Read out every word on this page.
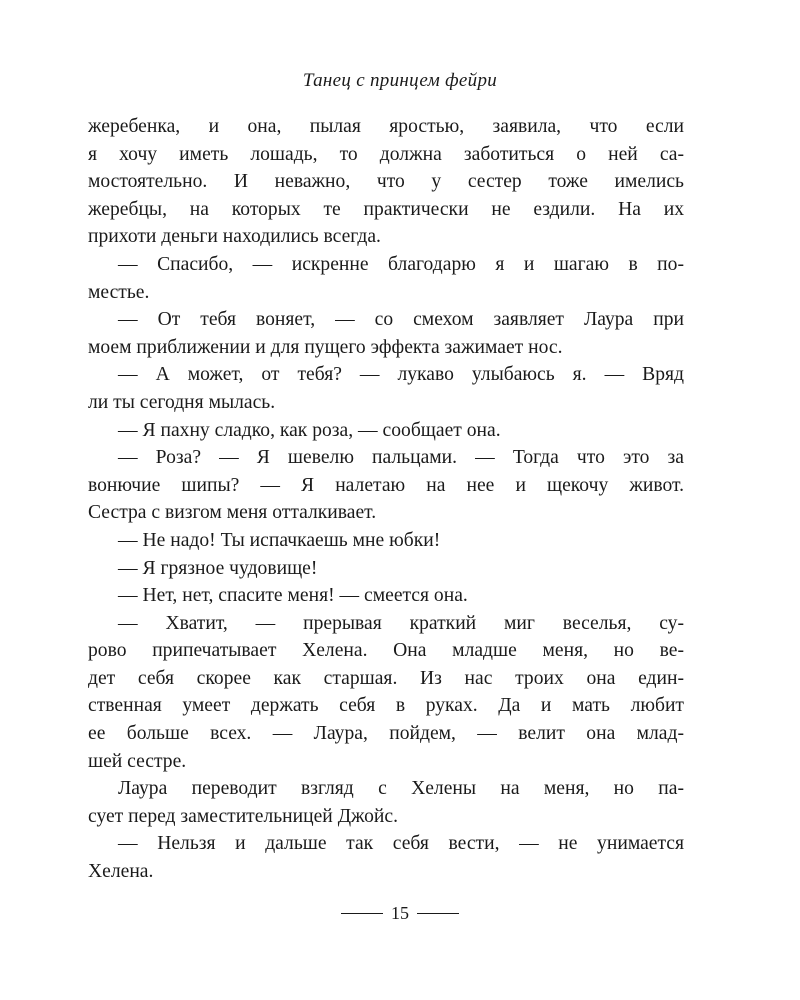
Танец с принцем фейри
жеребенка, и она, пылая яростью, заявила, что если
я хочу иметь лошадь, то должна заботиться о ней са-
мостоятельно. И неважно, что у сестер тоже имелись
жеребцы, на которых те практически не ездили. На их
прихоти деньги находились всегда.
— Спасибо, — искренне благодарю я и шагаю в по-
местье.
— От тебя воняет, — со смехом заявляет Лаура при
моем приближении и для пущего эффекта зажимает нос.
— А может, от тебя? — лукаво улыбаюсь я. — Вряд
ли ты сегодня мылась.
— Я пахну сладко, как роза, — сообщает она.
— Роза? — Я шевелю пальцами. — Тогда что это за
вонючие шипы? — Я налетаю на нее и щекочу живот.
Сестра с визгом меня отталкивает.
— Не надо! Ты испачкаешь мне юбки!
— Я грязное чудовище!
— Нет, нет, спасите меня! — смеется она.
— Хватит, — прерывая краткий миг веселья, су-
рово припечатывает Хелена. Она младше меня, но ве-
дет себя скорее как старшая. Из нас троих она един-
ственная умеет держать себя в руках. Да и мать любит
ее больше всех. — Лаура, пойдем, — велит она млад-
шей сестре.
Лаура переводит взгляд с Хелены на меня, но па-
сует перед заместительницей Джойс.
— Нельзя и дальше так себя вести, — не унимается
Хелена.
15
